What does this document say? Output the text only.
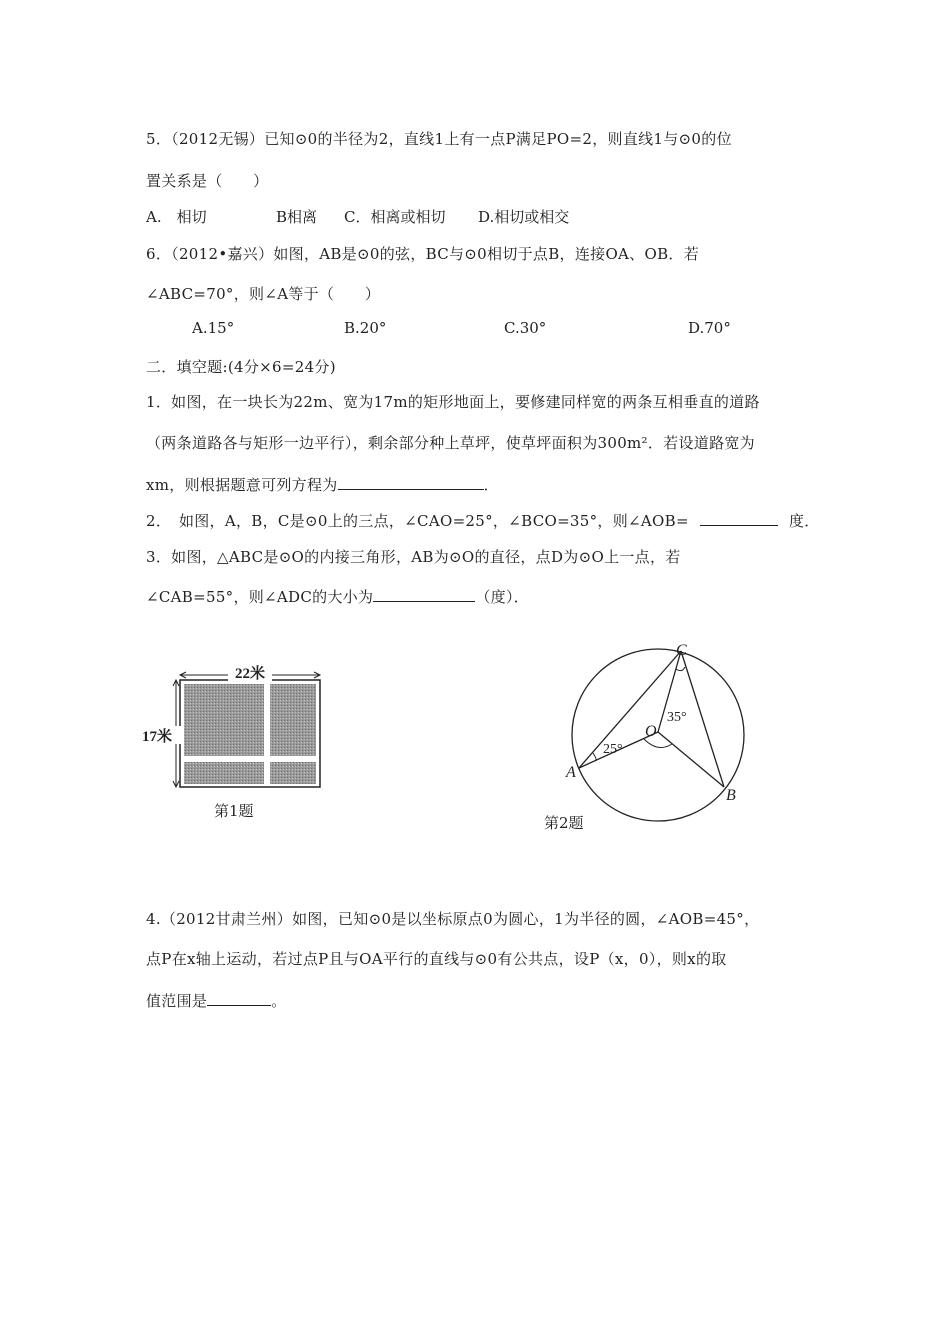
5．（2012无锡）已知⊙0的半径为2，直线1上有一点P满足PO=2，则直线1与⊙0的位
置关系是（　　）
A.　相切	B相离 C．相离或相切 D.相切或相交
6．（2012•嘉兴）如图，AB是⊙0的弦，BC与⊙0相切于点B，连接OA、OB．若
∠ABC=70°，则∠A等于（　　）
A.15°	B.20°	C.30°	D.70°
二．填空题:(4分×6=24分)
1．如图，在一块长为22m、宽为17m的矩形地面上，要修建同样宽的两条互相垂直的道路
（两条道路各与矩形一边平行），剩余部分种上草坪，使草坪面积为300m²．若设道路宽为
xm，则根据题意可列方程为	．
2．　如图，A，B，C是⊙0上的三点，∠CAO=25°，∠BCO=35°，则∠AOB=	度．
3．如图，△ABC是⊙O的内接三角形，AB为⊙O的直径，点D为⊙O上一点，若
∠CAB=55°，则∠ADC的大小为	（度）．
22米
17米
第1题
C
O
A
B
35°
25°
第2题
4.（2012甘肃兰州）如图，已知⊙0是以坐标原点0为圆心，1为半径的圆，∠AOB=45°，
点P在x轴上运动，若过点P且与OA平行的直线与⊙0有公共点，设P（x，0），则x的取
值范围是	。
